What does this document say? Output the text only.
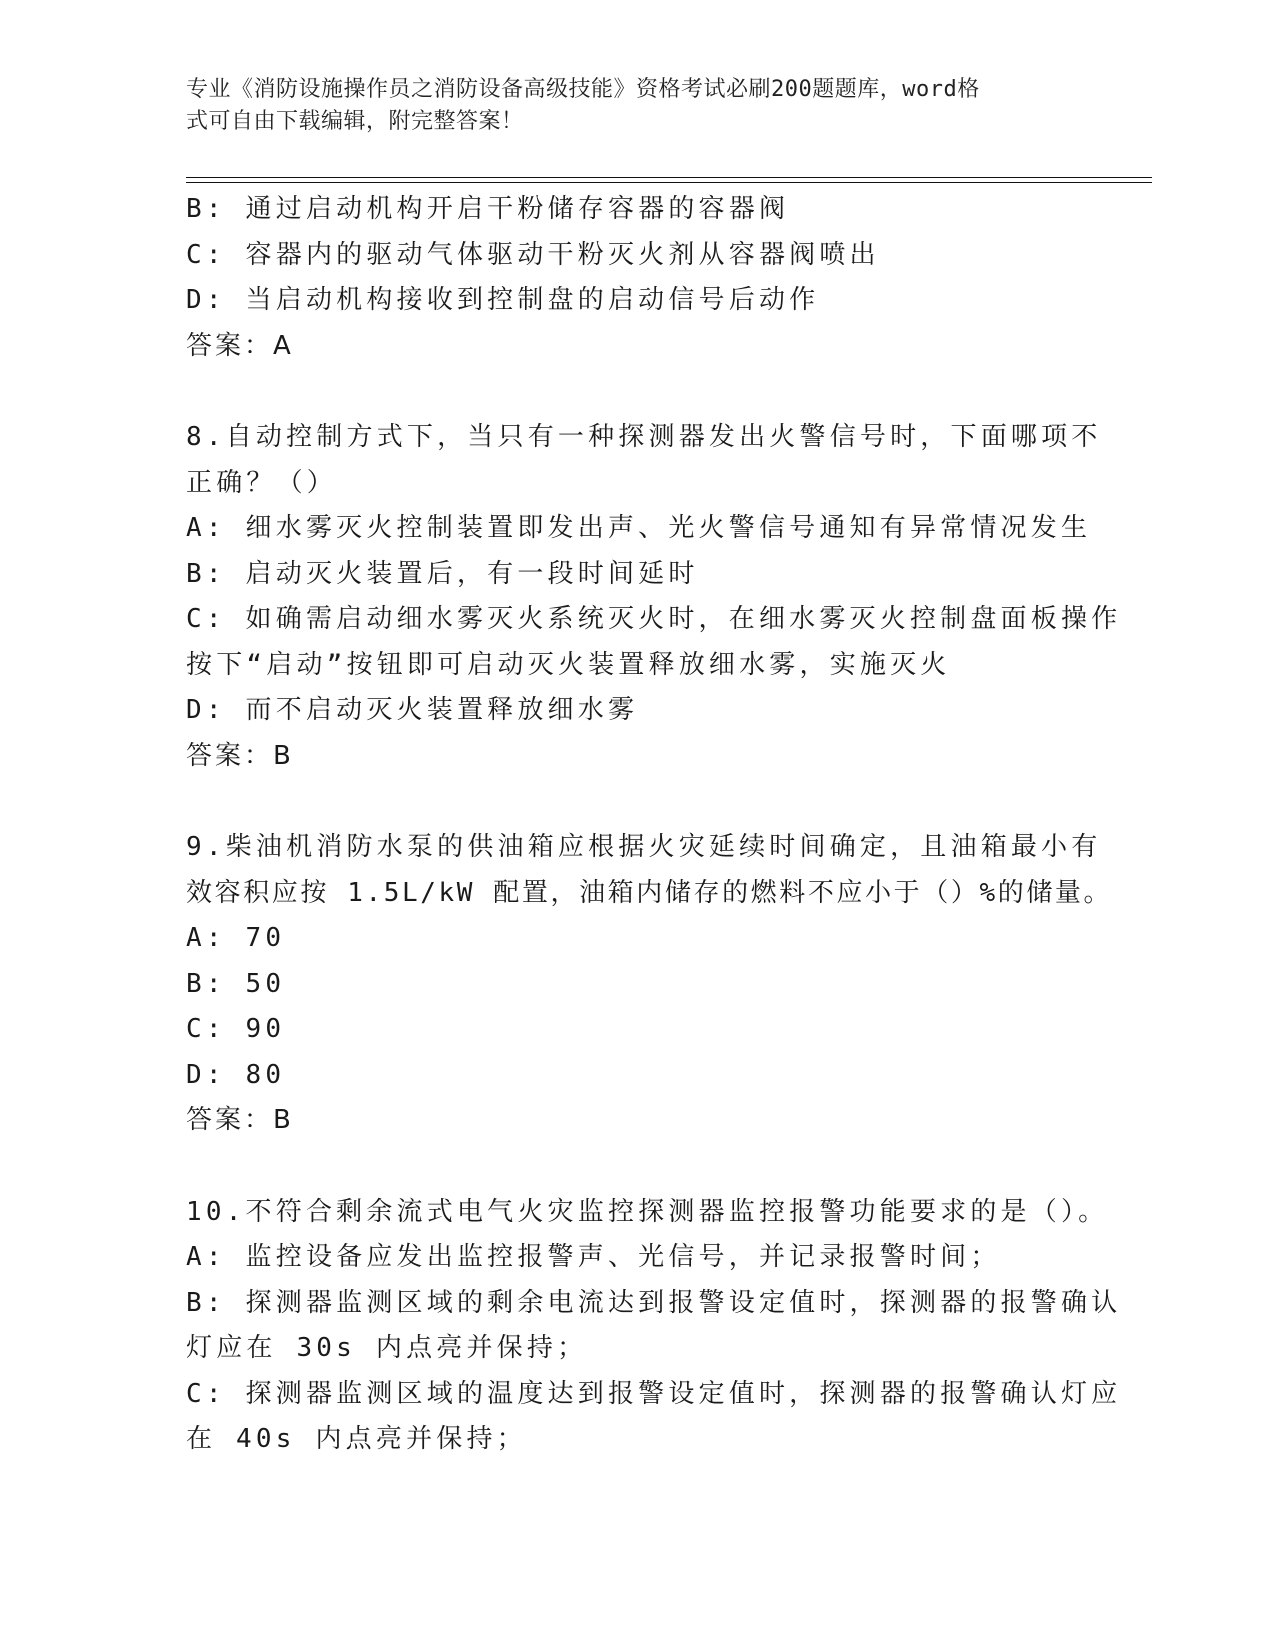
专业《消防设施操作员之消防设备高级技能》资格考试必刷200题题库，word格
式可自由下载编辑，附完整答案！
B: 通过启动机构开启干粉储存容器的容器阀
C: 容器内的驱动气体驱动干粉灭火剂从容器阀喷出
D: 当启动机构接收到控制盘的启动信号后动作
答案：A
8.自动控制方式下，当只有一种探测器发出火警信号时，下面哪项不
正确？（）
A: 细水雾灭火控制装置即发出声、光火警信号通知有异常情况发生
B: 启动灭火装置后，有一段时间延时
C: 如确需启动细水雾灭火系统灭火时，在细水雾灭火控制盘面板操作
按下“启动”按钮即可启动灭火装置释放细水雾，实施灭火
D: 而不启动灭火装置释放细水雾
答案：B
9.柴油机消防水泵的供油箱应根据火灾延续时间确定，且油箱最小有
效容积应按 1.5L/kW 配置，油箱内储存的燃料不应小于（）%的储量。
A: 70
B: 50
C: 90
D: 80
答案：B
10.不符合剩余流式电气火灾监控探测器监控报警功能要求的是（）。
A: 监控设备应发出监控报警声、光信号，并记录报警时间；
B: 探测器监测区域的剩余电流达到报警设定值时，探测器的报警确认
灯应在 30s 内点亮并保持；
C: 探测器监测区域的温度达到报警设定值时，探测器的报警确认灯应
在 40s 内点亮并保持；
